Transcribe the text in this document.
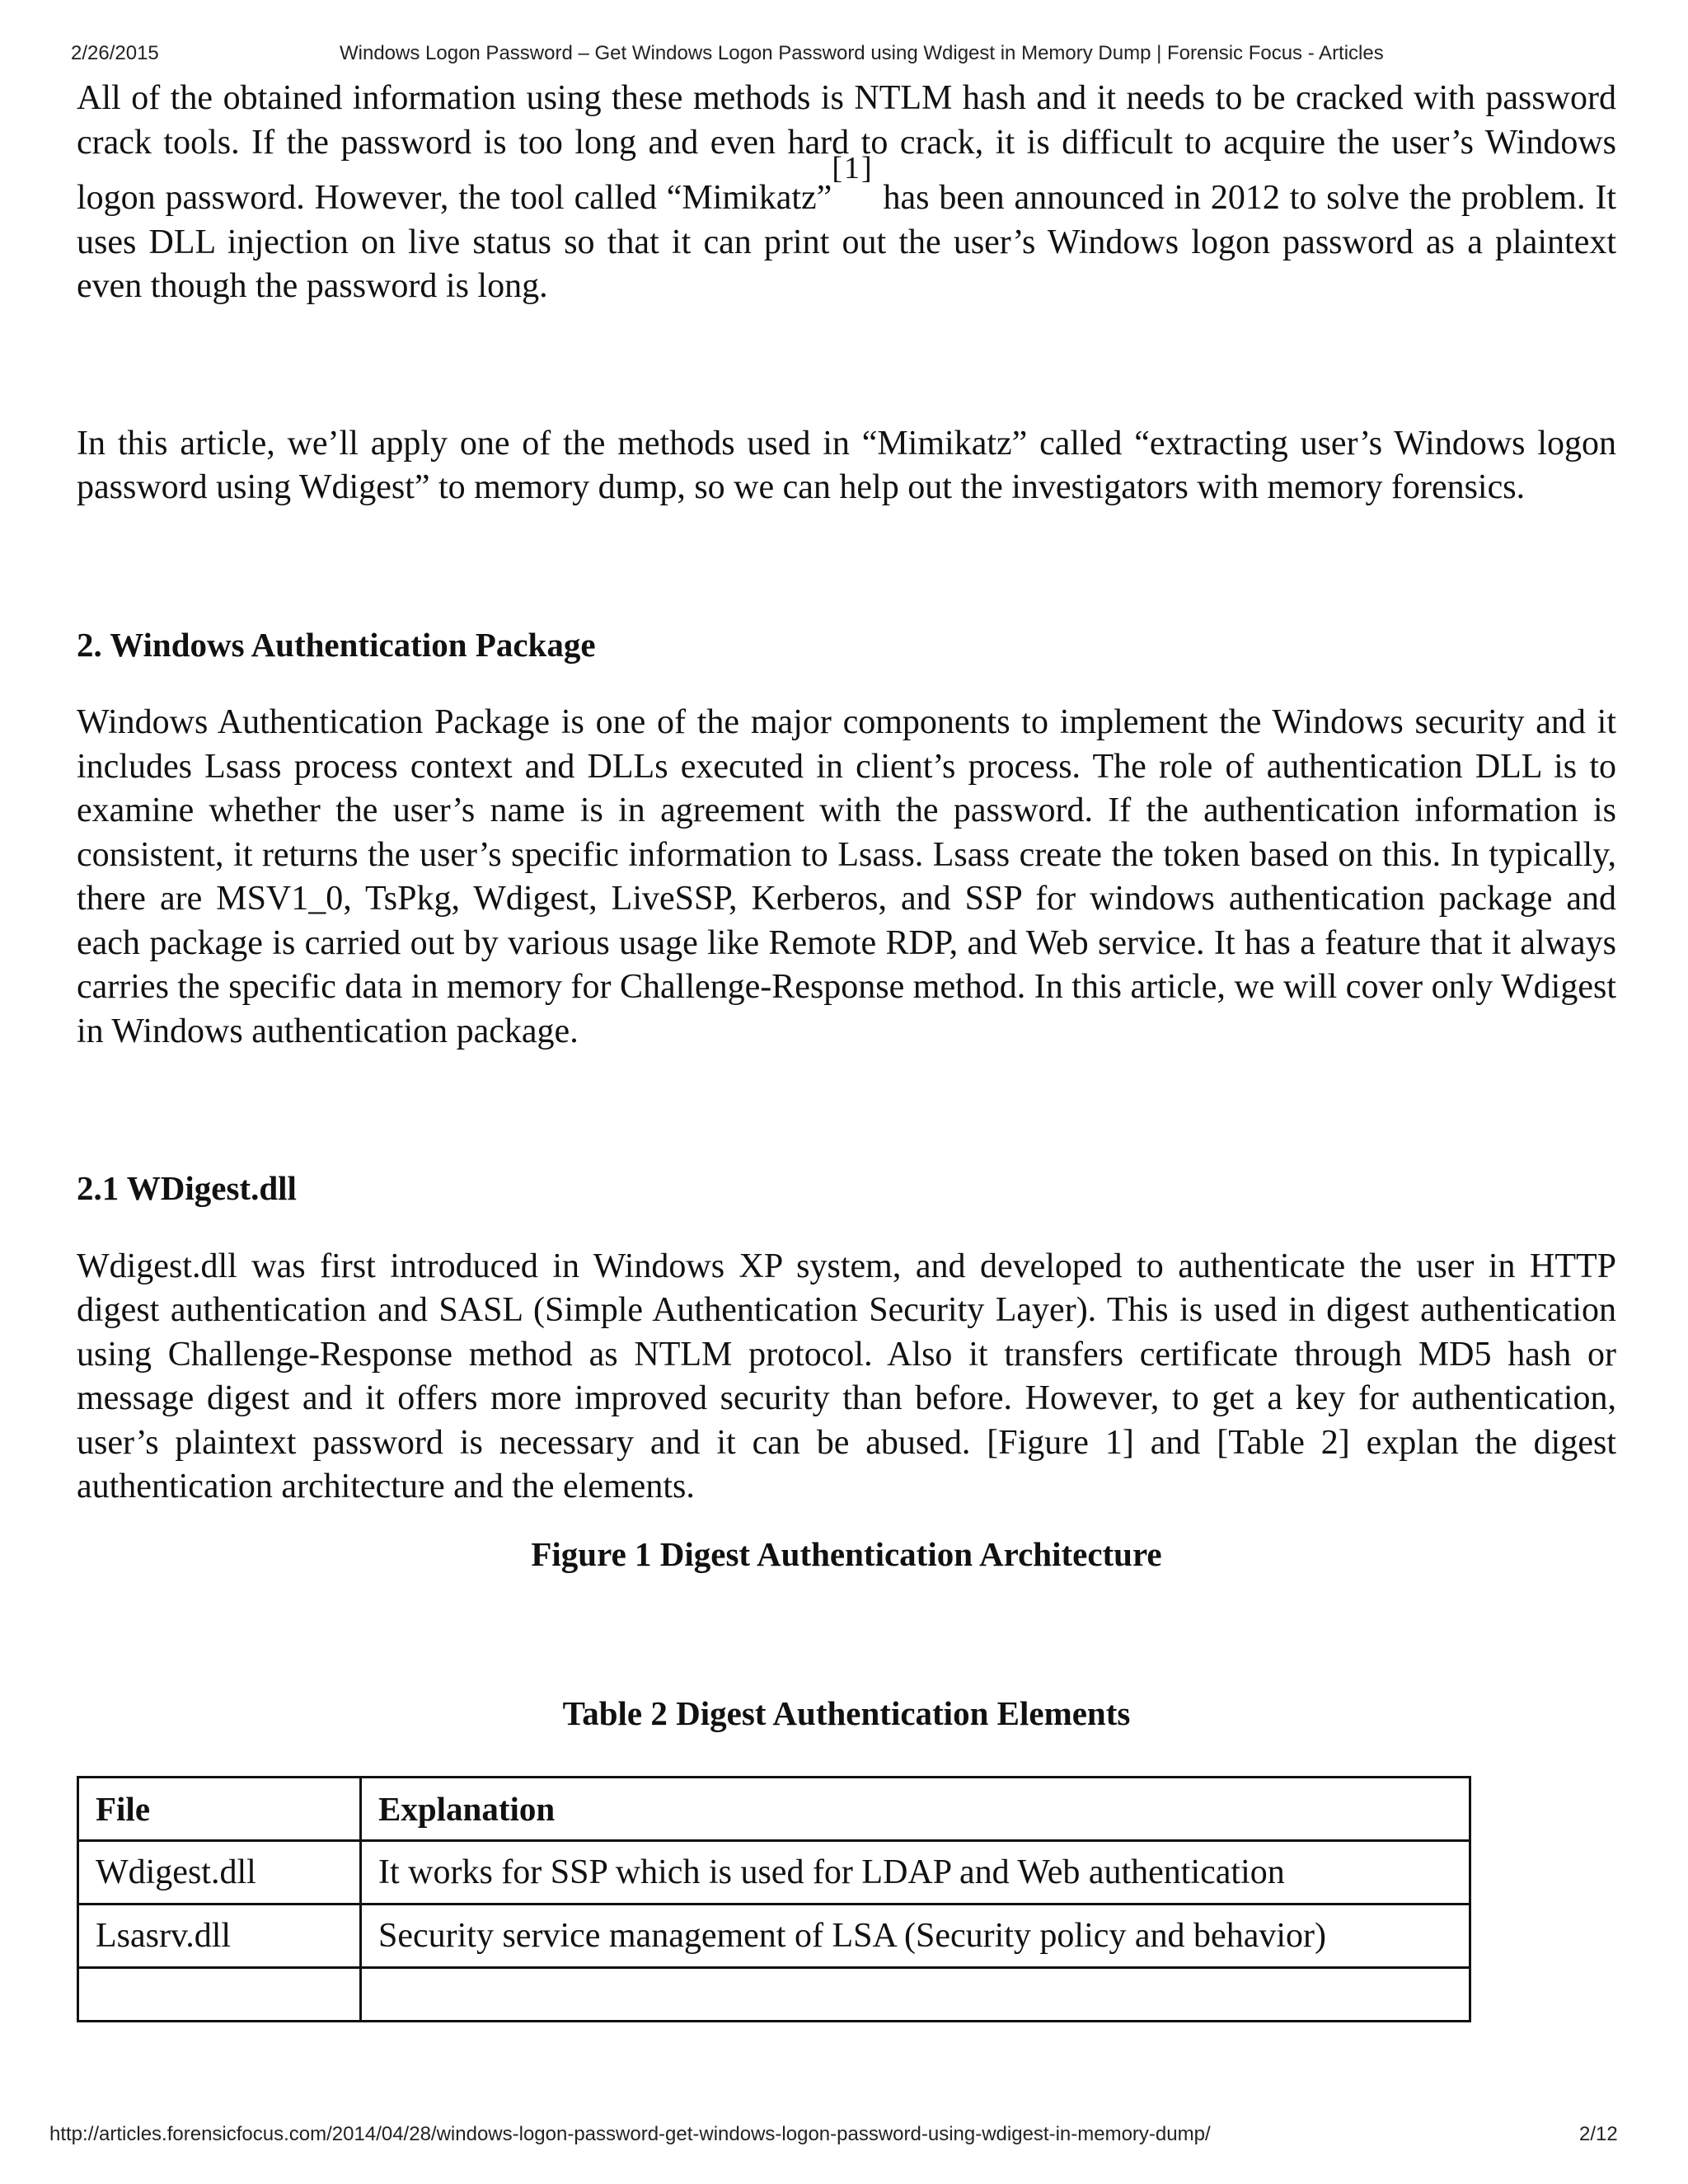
2/26/2015	Windows Logon Password – Get Windows Logon Password using Wdigest in Memory Dump | Forensic Focus - Articles

All of the obtained information using these methods is NTLM hash and it needs to be cracked with password crack tools. If the password is too long and even hard to crack, it is difficult to acquire the user’s Windows logon password. However, the tool called “Mimikatz”[1] has been announced in 2012 to solve the problem. It uses DLL injection on live status so that it can print out the user’s Windows logon password as a plaintext even though the password is long.

In this article, we’ll apply one of the methods used in “Mimikatz” called “extracting user’s Windows logon password using Wdigest” to memory dump, so we can help out the investigators with memory forensics.

2. Windows Authentication Package

Windows Authentication Package is one of the major components to implement the Windows security and it includes Lsass process context and DLLs executed in client’s process. The role of authentication DLL is to examine whether the user’s name is in agreement with the password. If the authentication information is consistent, it returns the user’s specific information to Lsass. Lsass create the token based on this. In typically, there are MSV1_0, TsPkg, Wdigest, LiveSSP, Kerberos, and SSP for windows authentication package and each package is carried out by various usage like Remote RDP, and Web service. It has a feature that it always carries the specific data in memory for Challenge-Response method. In this article, we will cover only Wdigest in Windows authentication package.

2.1 WDigest.dll

Wdigest.dll was first introduced in Windows XP system, and developed to authenticate the user in HTTP digest authentication and SASL (Simple Authentication Security Layer). This is used in digest authentication using Challenge-Response method as NTLM protocol. Also it transfers certificate through MD5 hash or message digest and it offers more improved security than before. However, to get a key for authentication, user’s plaintext password is necessary and it can be abused. [Figure 1] and [Table 2] explan the digest authentication architecture and the elements.

Figure 1 Digest Authentication Architecture

Table 2 Digest Authentication Elements

File	Explanation
Wdigest.dll	It works for SSP which is used for LDAP and Web authentication
Lsasrv.dll	Security service management of LSA (Security policy and behavior)

http://articles.forensicfocus.com/2014/04/28/windows-logon-password-get-windows-logon-password-using-wdigest-in-memory-dump/	2/12
